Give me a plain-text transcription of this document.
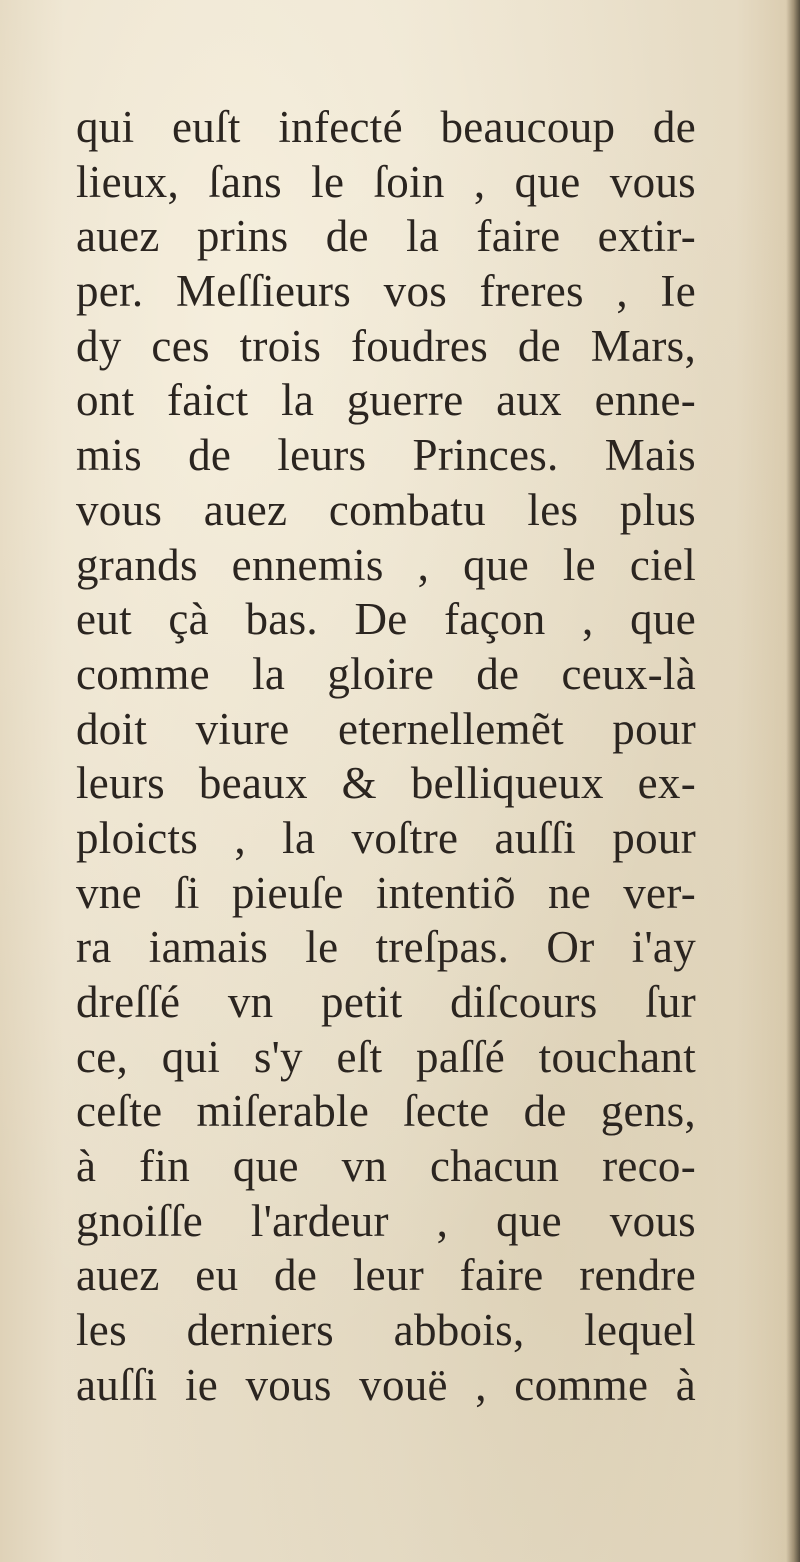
qui euſt infecté beaucoup de
lieux, ſans le ſoin , que vous
auez prins de la faire extir-
per. Meſſieurs vos freres , Ie
dy ces trois foudres de Mars,
ont faict la guerre aux enne-
mis de leurs Princes. Mais
vous auez combatu les plus
grands ennemis , que le ciel
eut çà bas. De façon , que
comme la gloire de ceux-là
doit viure eternellemẽt pour
leurs beaux & belliqueux ex-
ploicts , la voſtre auſſi pour
vne ſi pieuſe intentiõ ne ver-
ra iamais le treſpas. Or i'ay
dreſſé vn petit diſcours ſur
ce, qui s'y eſt paſſé touchant
ceſte miſerable ſecte de gens,
à fin que vn chacun reco-
gnoiſſe l'ardeur , que vous
auez eu de leur faire rendre
les derniers abbois, lequel
auſſi ie vous vouë , comme à
